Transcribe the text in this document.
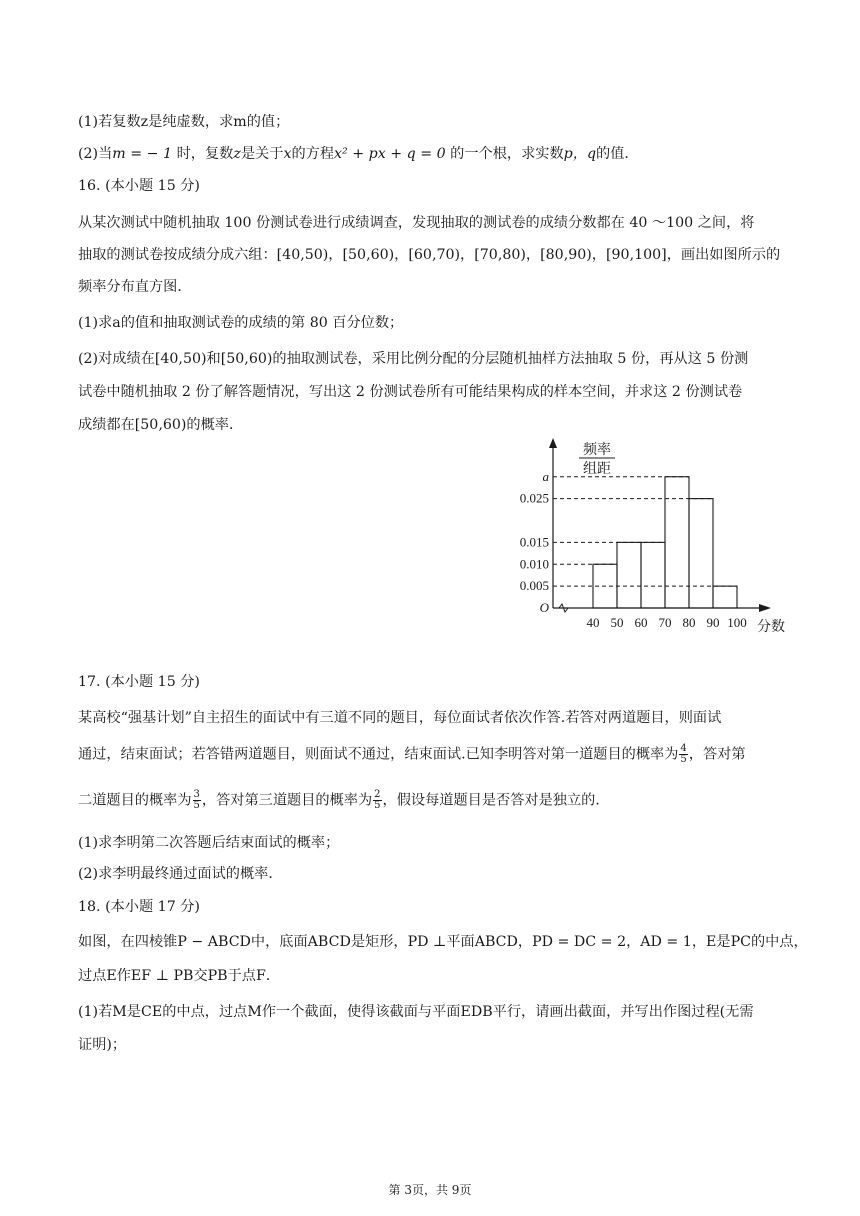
(1)若复数z是纯虚数，求m的值；
(2)当m = − 1 时，复数z是关于x的方程x² + px + q = 0 的一个根，求实数p，q的值．
16. (本小题 15 分)
从某次测试中随机抽取 100 份测试卷进行成绩调查，发现抽取的测试卷的成绩分数都在 40 ～100 之间，将
抽取的测试卷按成绩分成六组：[40,50)，[50,60)，[60,70)，[70,80)，[80,90)，[90,100]，画出如图所示的
频率分布直方图．
(1)求a的值和抽取测试卷的成绩的第 80 百分位数；
(2)对成绩在[40,50)和[50,60)的抽取测试卷，采用比例分配的分层随机抽样方法抽取 5 份，再从这 5 份测
试卷中随机抽取 2 份了解答题情况，写出这 2 份测试卷所有可能结果构成的样本空间，并求这 2 份测试卷
成绩都在[50,60)的概率．
频率
组距
0.005
0.010
0.015
0.025
a
O
40 50 60 70 80 90 100 分数
17. (本小题 15 分)
某高校“强基计划”自主招生的面试中有三道不同的题目，每位面试者依次作答.若答对两道题目，则面试
通过，结束面试；若答错两道题目，则面试不通过，结束面试.已知李明答对第一道题目的概率为 $\frac{4}{5}$ ，答对第
二道题目的概率为 $\frac{3}{5}$ ，答对第三道题目的概率为 $\frac{2}{5}$ ，假设每道题目是否答对是独立的．
(1)求李明第二次答题后结束面试的概率；
(2)求李明最终通过面试的概率．
18. (本小题 17 分)
如图，在四棱锥P − ABCD中，底面ABCD是矩形，PD ⊥平面ABCD，PD = DC = 2，AD = 1，E是PC的中点，
过点E作EF ⊥ PB交PB于点F．
(1)若M是CE的中点，过点M作一个截面，使得该截面与平面EDB平行，请画出截面，并写出作图过程(无需
证明)；
第 3页，共 9页
